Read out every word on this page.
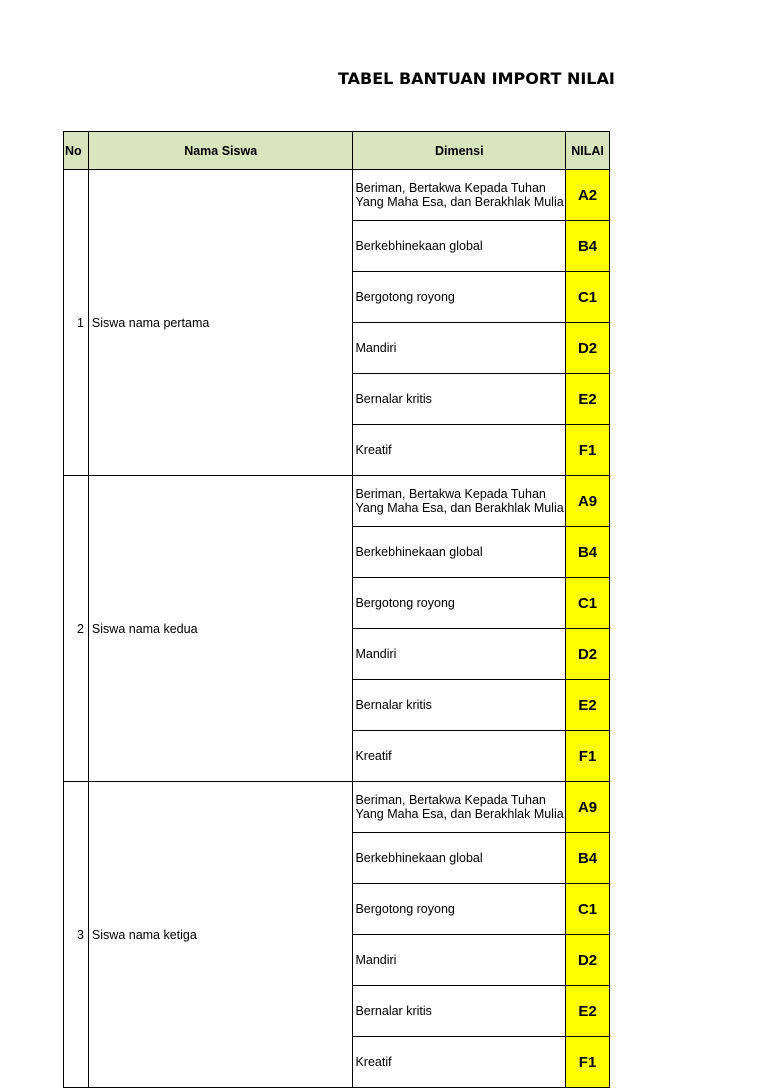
TABEL BANTUAN IMPORT NILAI
No	Nama Siswa	Dimensi	NILAI
1	Siswa nama pertama	Beriman, Bertakwa Kepada Tuhan Yang Maha Esa, dan Berakhlak Mulia	A2
		Berkebhinekaan global	B4
		Bergotong royong	C1
		Mandiri	D2
		Bernalar kritis	E2
		Kreatif	F1
2	Siswa nama kedua	Beriman, Bertakwa Kepada Tuhan Yang Maha Esa, dan Berakhlak Mulia	A9
		Berkebhinekaan global	B4
		Bergotong royong	C1
		Mandiri	D2
		Bernalar kritis	E2
		Kreatif	F1
3	Siswa nama ketiga	Beriman, Bertakwa Kepada Tuhan Yang Maha Esa, dan Berakhlak Mulia	A9
		Berkebhinekaan global	B4
		Bergotong royong	C1
		Mandiri	D2
		Bernalar kritis	E2
		Kreatif	F1
